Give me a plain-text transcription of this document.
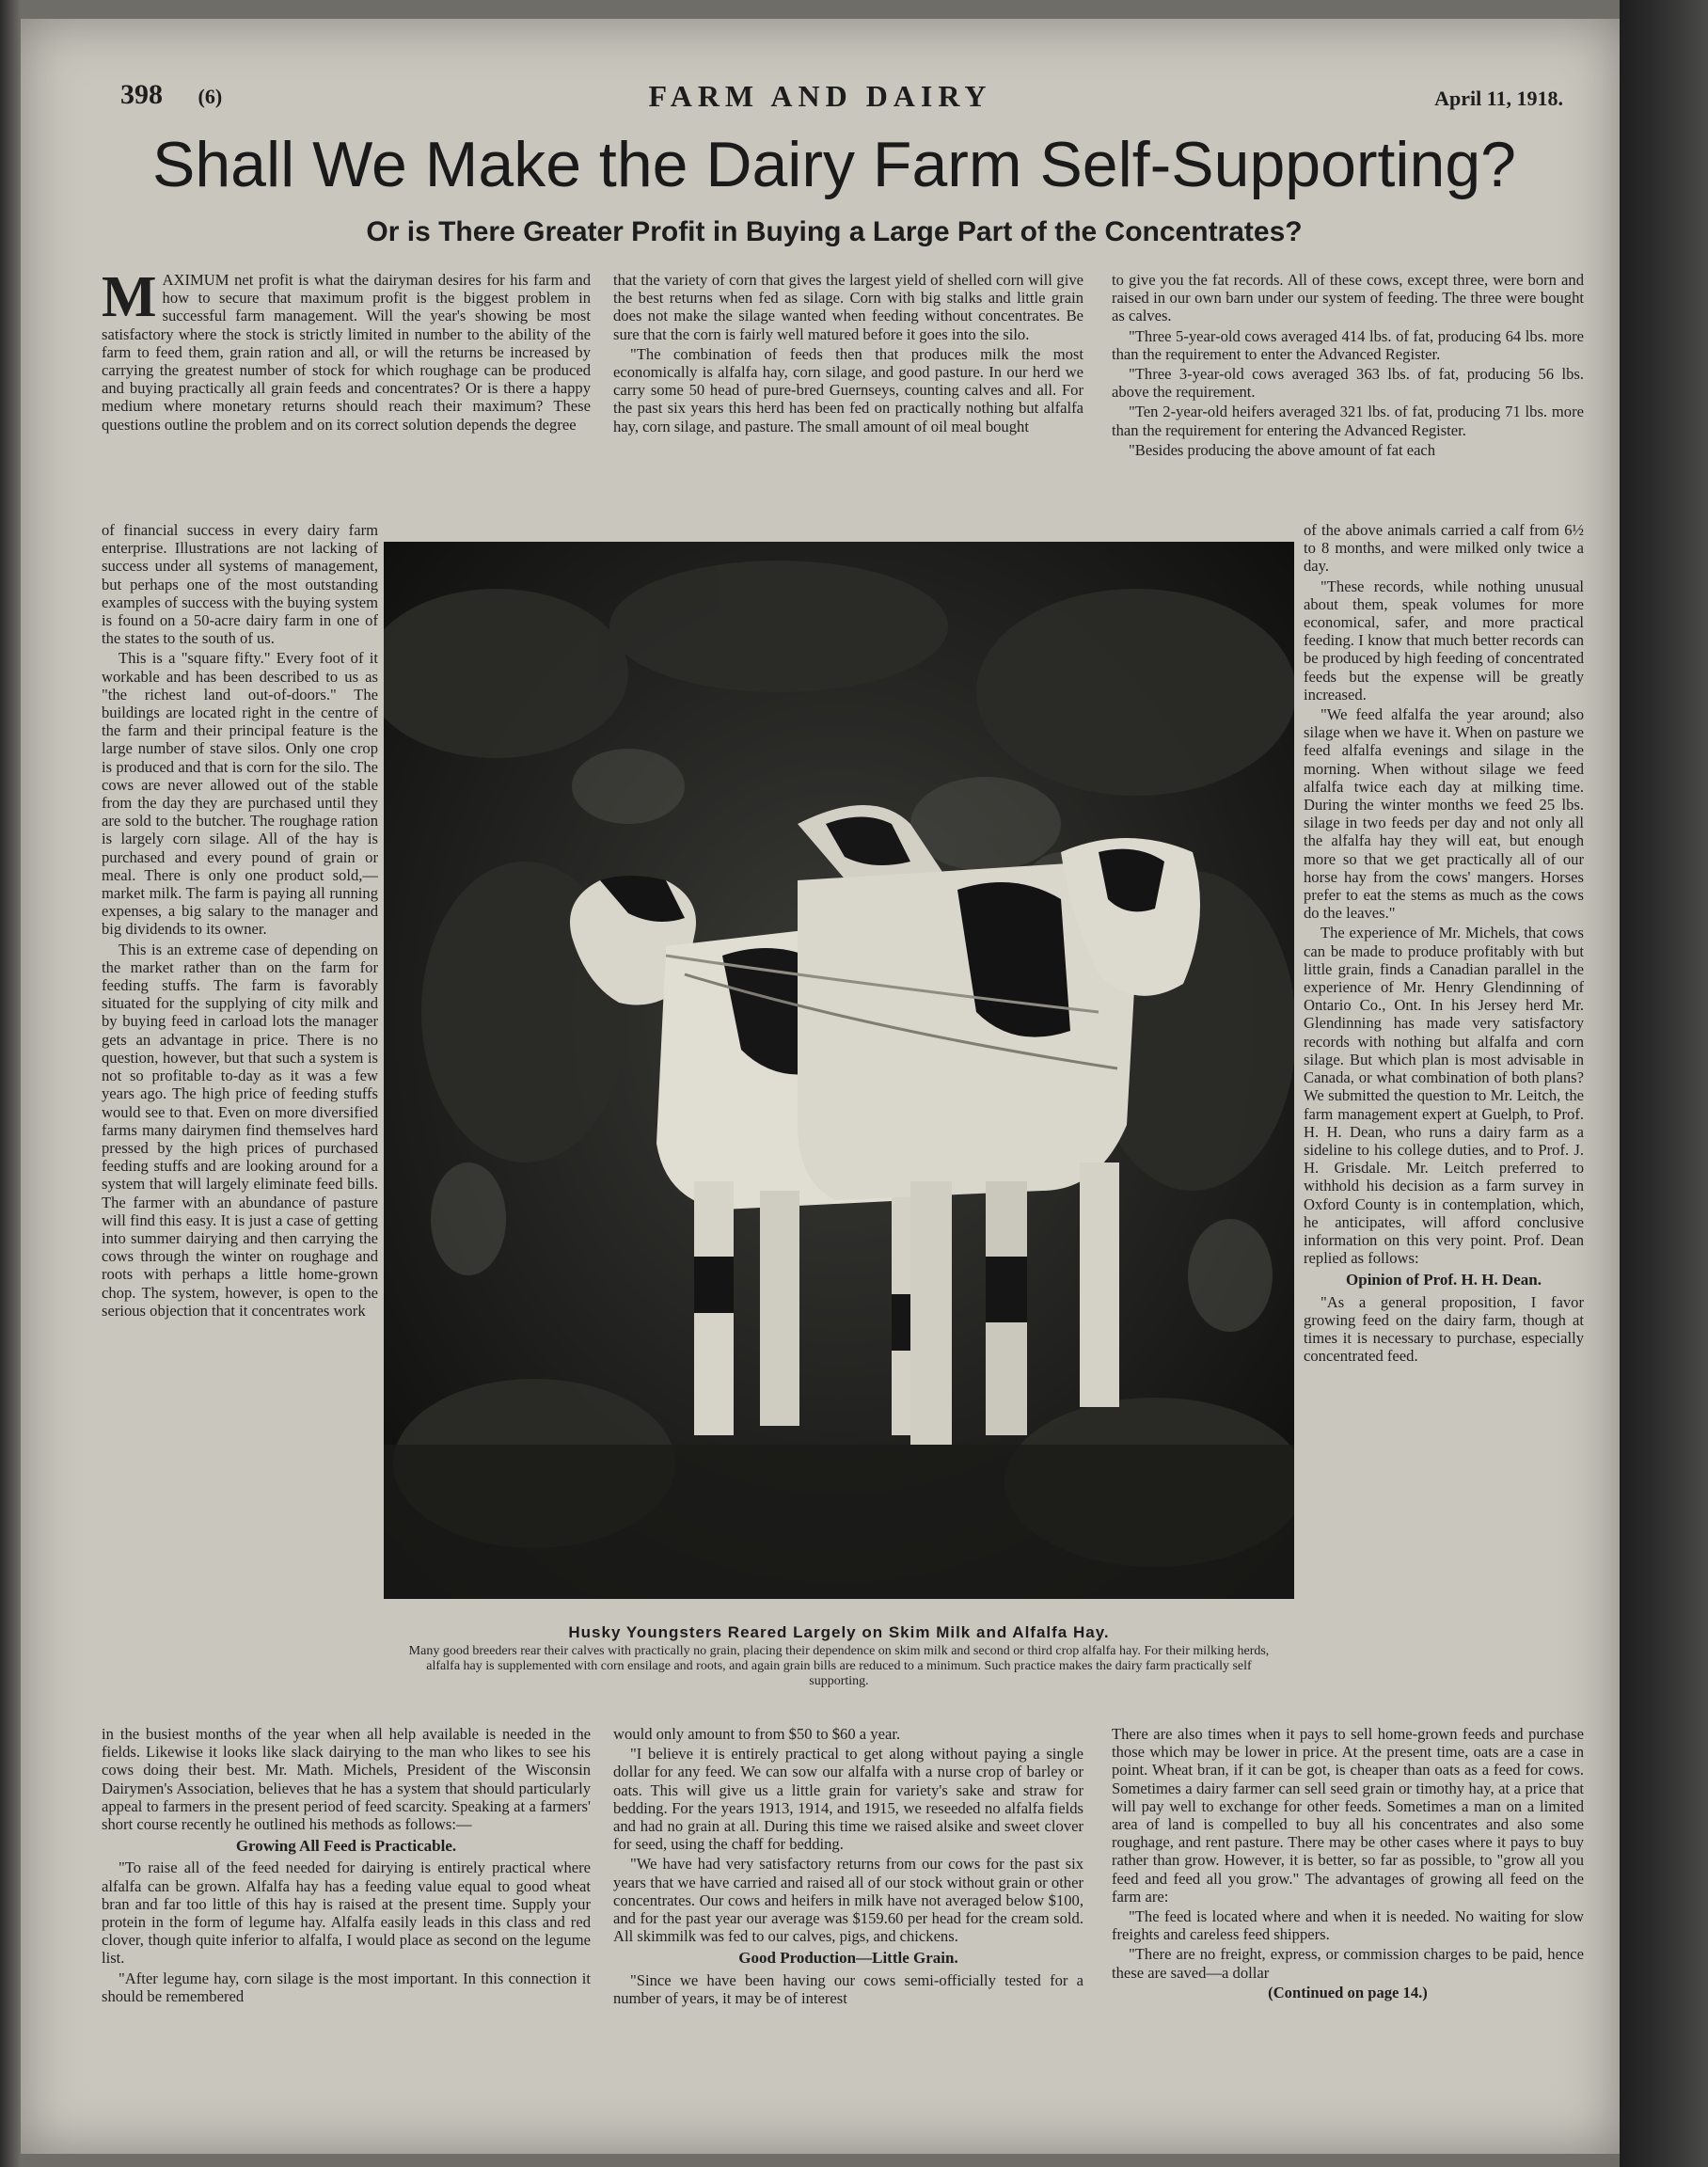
FARM AND DAIRY
398 (6)	April 11, 1918.
Shall We Make the Dairy Farm Self-Supporting?
Or is There Greater Profit in Buying a Large Part of the Concentrates?

MAXIMUM net profit is what the dairyman desires for his farm and how to secure that maximum profit is the biggest problem in successful farm management. Will the year's showing be most satisfactory where the stock is strictly limited in number to the ability of the farm to feed them, grain ration and all, or will the returns be increased by carrying the greatest number of stock for which roughage can be produced and buying practically all grain feeds and concentrates? Or is there a happy medium where monetary returns should reach their maximum? These questions outline the problem and on its correct solution depends the degree

of financial success in every dairy farm enterprise. Illustrations are not lacking of success under all systems of management, but perhaps one of the most outstanding examples of success with the buying system is found on a 50-acre dairy farm in one of the states to the south of us.

This is a "square fifty." Every foot of it workable and has been described to us as "the richest land out-of-doors." The buildings are located right in the centre of the farm and their principal feature is the large number of stave silos. Only one crop is produced and that is corn for the silo. The cows are never allowed out of the stable from the day they are purchased until they are sold to the butcher. The roughage ration is largely corn silage. All of the hay is purchased and every pound of grain or meal. There is only one product sold,—market milk. The farm is paying all running expenses, a big salary to the manager and big dividends to its owner.

This is an extreme case of depending on the market rather than on the farm for feeding stuffs. The farm is favorably situated for the supplying of city milk and by buying feed in carload lots the manager gets an advantage in price. There is no question, however, but that such a system is not so profitable to-day as it was a few years ago. The high price of feeding stuffs would see to that. Even on more diversified farms many dairymen find themselves hard pressed by the high prices of purchased feeding stuffs and are looking around for a system that will largely eliminate feed bills. The farmer with an abundance of pasture will find this easy. It is just a case of getting into summer dairying and then carrying the cows through the winter on roughage and roots with perhaps a little home-grown chop. The system, however, is open to the serious objection that it concentrates work

that the variety of corn that gives the largest yield of shelled corn will give the best returns when fed as silage. Corn with big stalks and little grain does not make the silage wanted when feeding without concentrates. Be sure that the corn is fairly well matured before it goes into the silo.

"The combination of feeds then that produces milk the most economically is alfalfa hay, corn silage, and good pasture. In our herd we carry some 50 head of pure-bred Guernseys, counting calves and all. For the past six years this herd has been fed on practically nothing but alfalfa hay, corn silage, and pasture. The small amount of oil meal bought

to give you the fat records. All of these cows, except three, were born and raised in our own barn under our system of feeding. The three were bought as calves.

"Three 5-year-old cows averaged 414 lbs. of fat, producing 64 lbs. more than the requirement to enter the Advanced Register.

"Three 3-year-old cows averaged 363 lbs. of fat, producing 56 lbs. above the requirement.

"Ten 2-year-old heifers averaged 321 lbs. of fat, producing 71 lbs. more than the requirement for entering the Advanced Register.

"Besides producing the above amount of fat each

of the above animals carried a calf from 6½ to 8 months, and were milked only twice a day.

"These records, while nothing unusual about them, speak volumes for more economical, safer, and more practical feeding. I know that much better records can be produced by high feeding of concentrated feeds but the expense will be greatly increased.

"We feed alfalfa the year around; also silage when we have it. When on pasture we feed alfalfa evenings and silage in the morning. When without silage we feed alfalfa twice each day at milking time. During the winter months we feed 25 lbs. silage in two feeds per day and not only all the alfalfa hay they will eat, but enough more so that we get practically all of our horse hay from the cows' mangers. Horses prefer to eat the stems as much as the cows do the leaves."

The experience of Mr. Michels, that cows can be made to produce profitably with but little grain, finds a Canadian parallel in the experience of Mr. Henry Glendinning of Ontario Co., Ont. In his Jersey herd Mr. Glendinning has made very satisfactory records with nothing but alfalfa and corn silage. But which plan is most advisable in Canada, or what combination of both plans? We submitted the question to Mr. Leitch, the farm management expert at Guelph, to Prof. H. H. Dean, who runs a dairy farm as a sideline to his college duties, and to Prof. J. H. Grisdale. Mr. Leitch preferred to withhold his decision as a farm survey in Oxford County is in contemplation, which, he anticipates, will afford conclusive information on this very point. Prof. Dean replied as follows:

Opinion of Prof. H. H. Dean.

"As a general proposition, I favor growing feed on the dairy farm, though at times it is necessary to purchase, especially concentrated feed.

Husky Youngsters Reared Largely on Skim Milk and Alfalfa Hay.
Many good breeders rear their calves with practically no grain, placing their dependence on skim milk and second or third crop alfalfa hay. For their milking herds, alfalfa hay is supplemented with corn ensilage and roots, and again grain bills are reduced to a minimum. Such practice makes the dairy farm practically self supporting.

in the busiest months of the year when all help available is needed in the fields. Likewise it looks like slack dairying to the man who likes to see his cows doing their best. Mr. Math. Michels, President of the Wisconsin Dairymen's Association, believes that he has a system that should particularly appeal to farmers in the present period of feed scarcity. Speaking at a farmers' short course recently he outlined his methods as follows:—

Growing All Feed is Practicable.

"To raise all of the feed needed for dairying is entirely practical where alfalfa can be grown. Alfalfa hay has a feeding value equal to good wheat bran and far too little of this hay is raised at the present time. Supply your protein in the form of legume hay. Alfalfa easily leads in this class and red clover, though quite inferior to alfalfa, I would place as second on the legume list.

"After legume hay, corn silage is the most important. In this connection it should be remembered

would only amount to from $50 to $60 a year.

"I believe it is entirely practical to get along without paying a single dollar for any feed. We can sow our alfalfa with a nurse crop of barley or oats. This will give us a little grain for variety's sake and straw for bedding. For the years 1913, 1914, and 1915, we reseeded no alfalfa fields and had no grain at all. During this time we raised alsike and sweet clover for seed, using the chaff for bedding.

"We have had very satisfactory returns from our cows for the past six years that we have carried and raised all of our stock without grain or other concentrates. Our cows and heifers in milk have not averaged below $100, and for the past year our average was $159.60 per head for the cream sold. All skimmilk was fed to our calves, pigs, and chickens.

Good Production—Little Grain.

"Since we have been having our cows semi-officially tested for a number of years, it may be of interest

There are also times when it pays to sell home-grown feeds and purchase those which may be lower in price. At the present time, oats are a case in point. Wheat bran, if it can be got, is cheaper than oats as a feed for cows. Sometimes a dairy farmer can sell seed grain or timothy hay, at a price that will pay well to exchange for other feeds. Sometimes a man on a limited area of land is compelled to buy all his concentrates and also some roughage, and rent pasture. There may be other cases where it pays to buy rather than grow. However, it is better, so far as possible, to "grow all you feed and feed all you grow." The advantages of growing all feed on the farm are:

"The feed is located where and when it is needed. No waiting for slow freights and careless feed shippers.

"There are no freight, express, or commission charges to be paid, hence these are saved—a dollar

(Continued on page 14.)
